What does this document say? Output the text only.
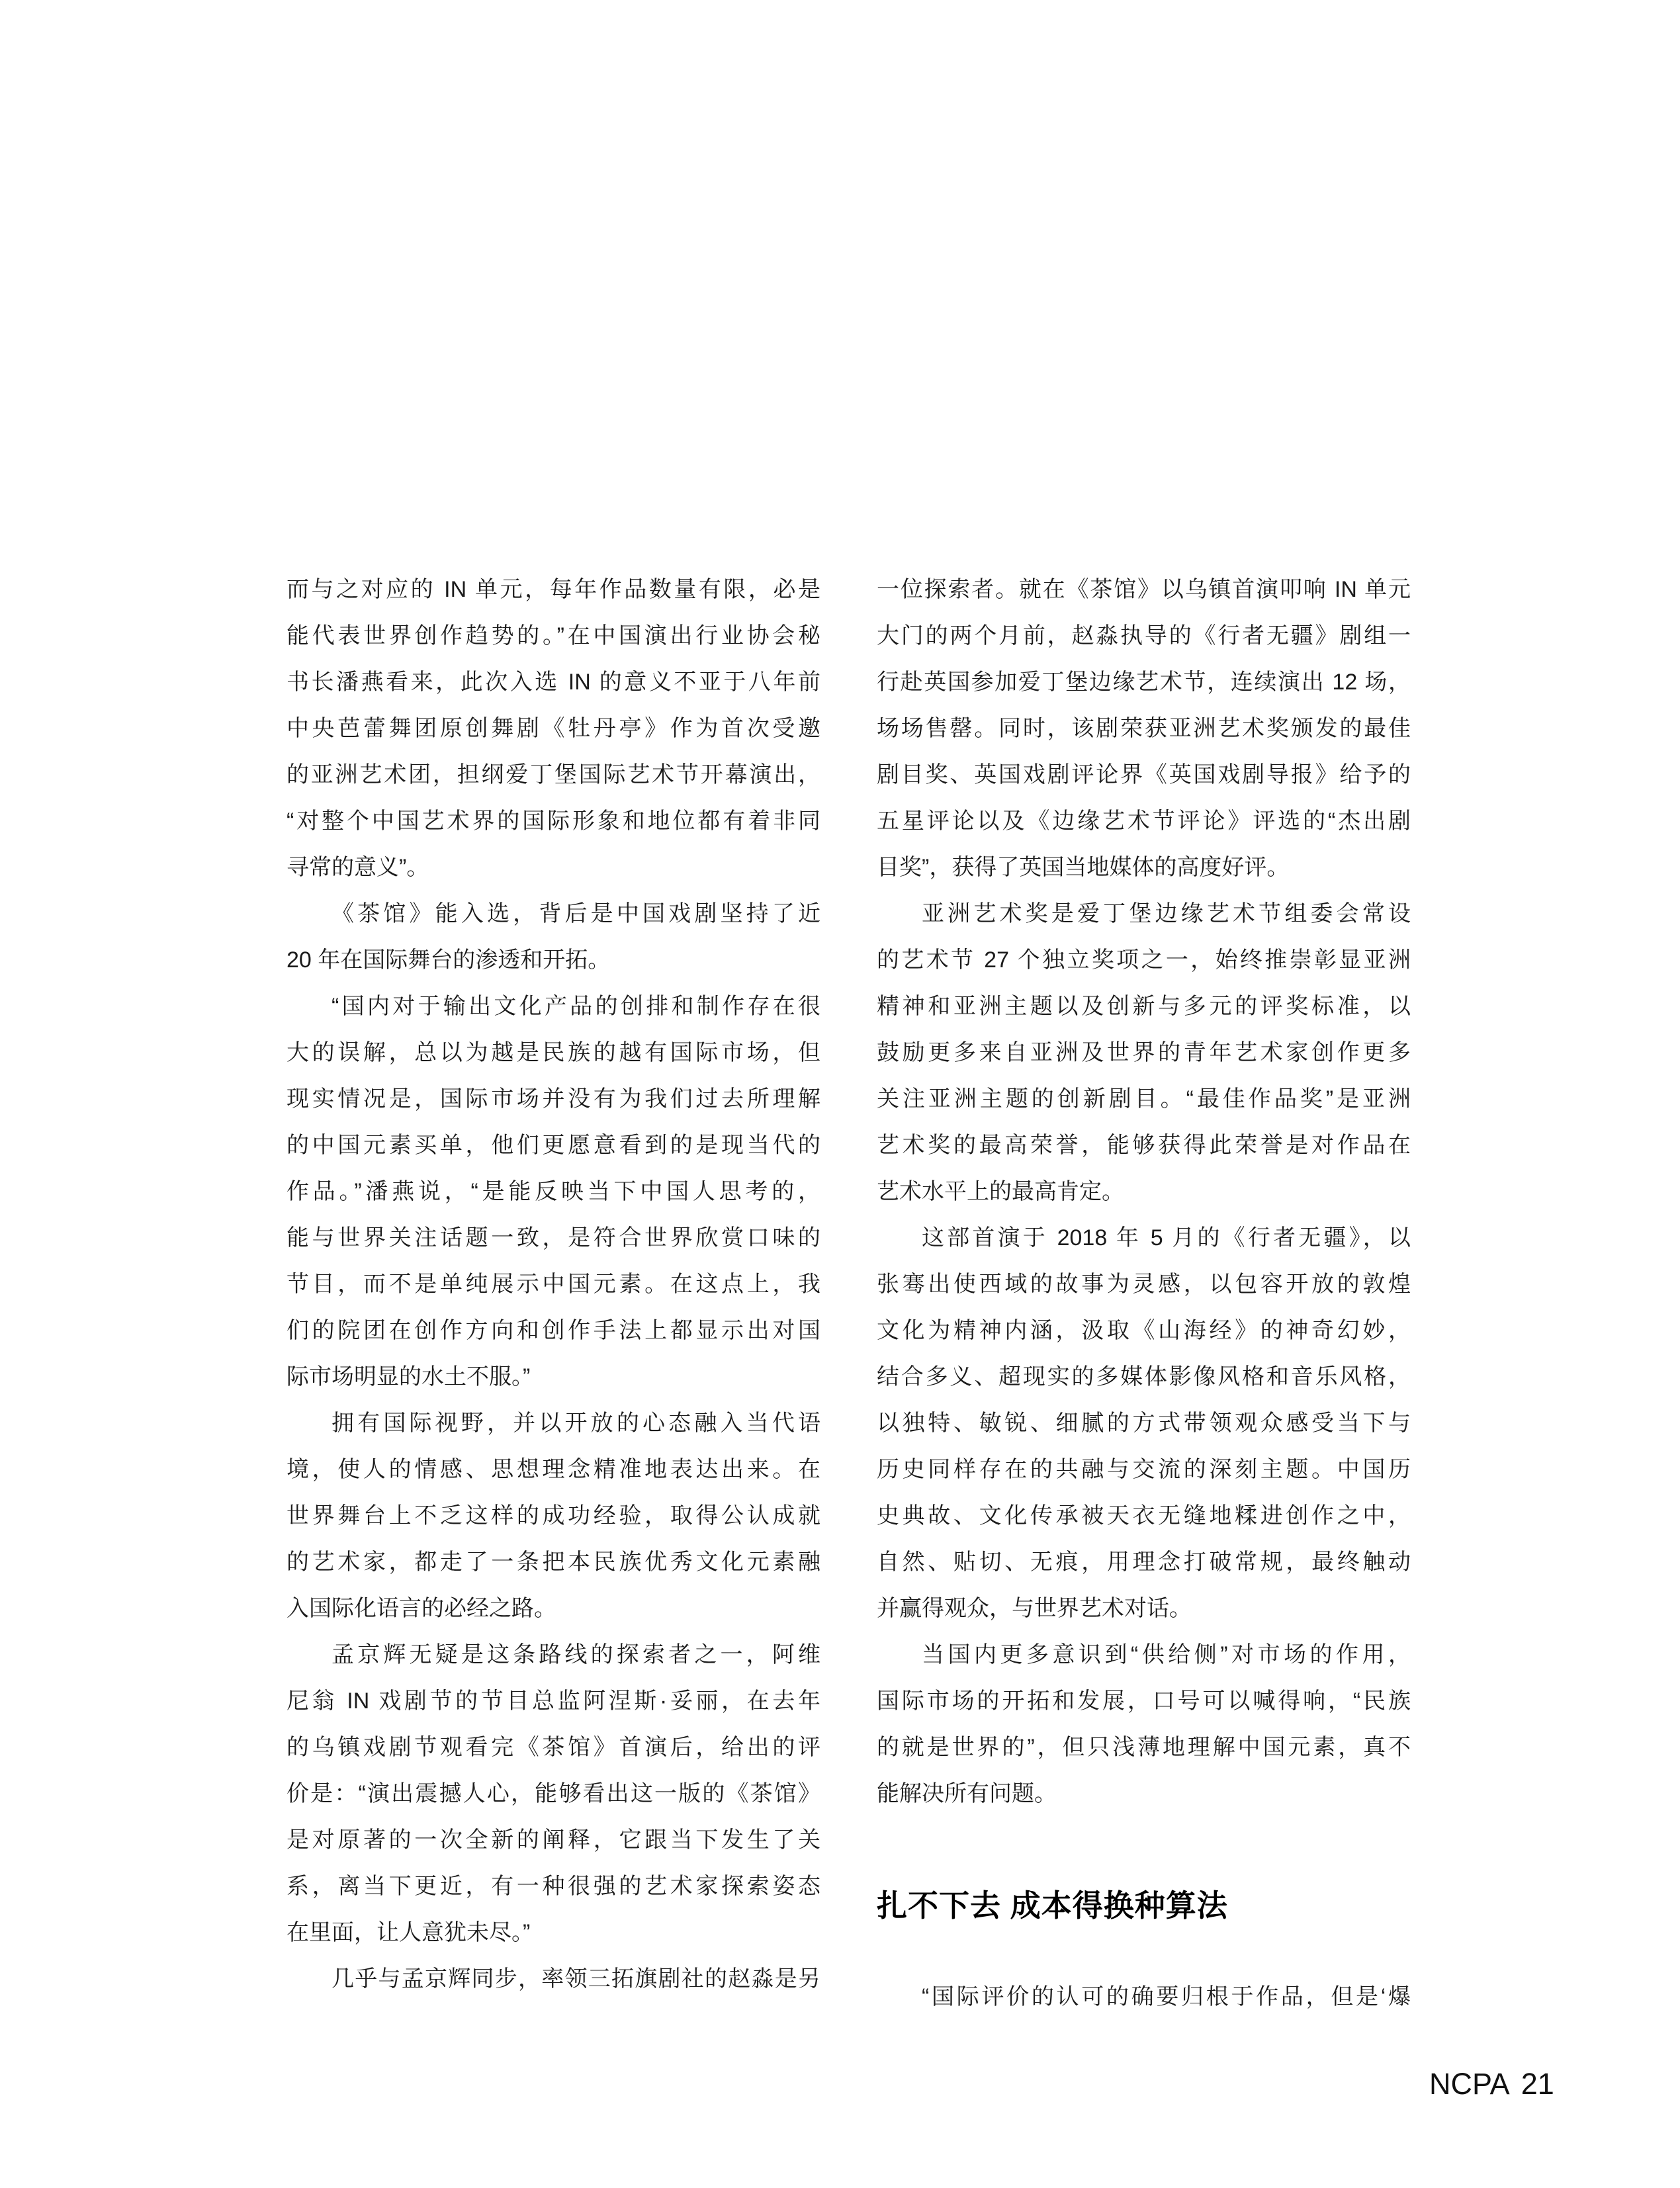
而与之对应的 IN 单元，每年作品数量有限，必是
能代表世界创作趋势的。”在中国演出行业协会秘
书长潘燕看来，此次入选 IN 的意义不亚于八年前
中央芭蕾舞团原创舞剧《牡丹亭》作为首次受邀
的亚洲艺术团，担纲爱丁堡国际艺术节开幕演出，
“对整个中国艺术界的国际形象和地位都有着非同
寻常的意义”。
《茶馆》能入选，背后是中国戏剧坚持了近
20 年在国际舞台的渗透和开拓。
“国内对于输出文化产品的创排和制作存在很
大的误解，总以为越是民族的越有国际市场，但
现实情况是，国际市场并没有为我们过去所理解
的中国元素买单，他们更愿意看到的是现当代的
作品。”潘燕说，“是能反映当下中国人思考的，
能与世界关注话题一致，是符合世界欣赏口味的
节目，而不是单纯展示中国元素。在这点上，我
们的院团在创作方向和创作手法上都显示出对国
际市场明显的水土不服。”
拥有国际视野，并以开放的心态融入当代语
境，使人的情感、思想理念精准地表达出来。在
世界舞台上不乏这样的成功经验，取得公认成就
的艺术家，都走了一条把本民族优秀文化元素融
入国际化语言的必经之路。
孟京辉无疑是这条路线的探索者之一，阿维
尼翁 IN 戏剧节的节目总监阿涅斯·妥丽，在去年
的乌镇戏剧节观看完《茶馆》首演后，给出的评
价是：“演出震撼人心，能够看出这一版的《茶馆》
是对原著的一次全新的阐释，它跟当下发生了关
系，离当下更近，有一种很强的艺术家探索姿态
在里面，让人意犹未尽。”
几乎与孟京辉同步，率领三拓旗剧社的赵淼是另
一位探索者。就在《茶馆》以乌镇首演叩响 IN 单元
大门的两个月前，赵淼执导的《行者无疆》剧组一
行赴英国参加爱丁堡边缘艺术节，连续演出 12 场，
场场售罄。同时，该剧荣获亚洲艺术奖颁发的最佳
剧目奖、英国戏剧评论界《英国戏剧导报》给予的
五星评论以及《边缘艺术节评论》评选的“杰出剧
目奖”，获得了英国当地媒体的高度好评。
亚洲艺术奖是爱丁堡边缘艺术节组委会常设
的艺术节 27 个独立奖项之一，始终推崇彰显亚洲
精神和亚洲主题以及创新与多元的评奖标准，以
鼓励更多来自亚洲及世界的青年艺术家创作更多
关注亚洲主题的创新剧目。“最佳作品奖”是亚洲
艺术奖的最高荣誉，能够获得此荣誉是对作品在
艺术水平上的最高肯定。
这部首演于 2018 年 5 月的《行者无疆》，以
张骞出使西域的故事为灵感，以包容开放的敦煌
文化为精神内涵，汲取《山海经》的神奇幻妙，
结合多义、超现实的多媒体影像风格和音乐风格，
以独特、敏锐、细腻的方式带领观众感受当下与
历史同样存在的共融与交流的深刻主题。中国历
史典故、文化传承被天衣无缝地糅进创作之中，
自然、贴切、无痕，用理念打破常规，最终触动
并赢得观众，与世界艺术对话。
当国内更多意识到“供给侧”对市场的作用，
国际市场的开拓和发展，口号可以喊得响，“民族
的就是世界的”，但只浅薄地理解中国元素，真不
能解决所有问题。
扎不下去 成本得换种算法
“国际评价的认可的确要归根于作品，但是‘爆
NCPA 21
